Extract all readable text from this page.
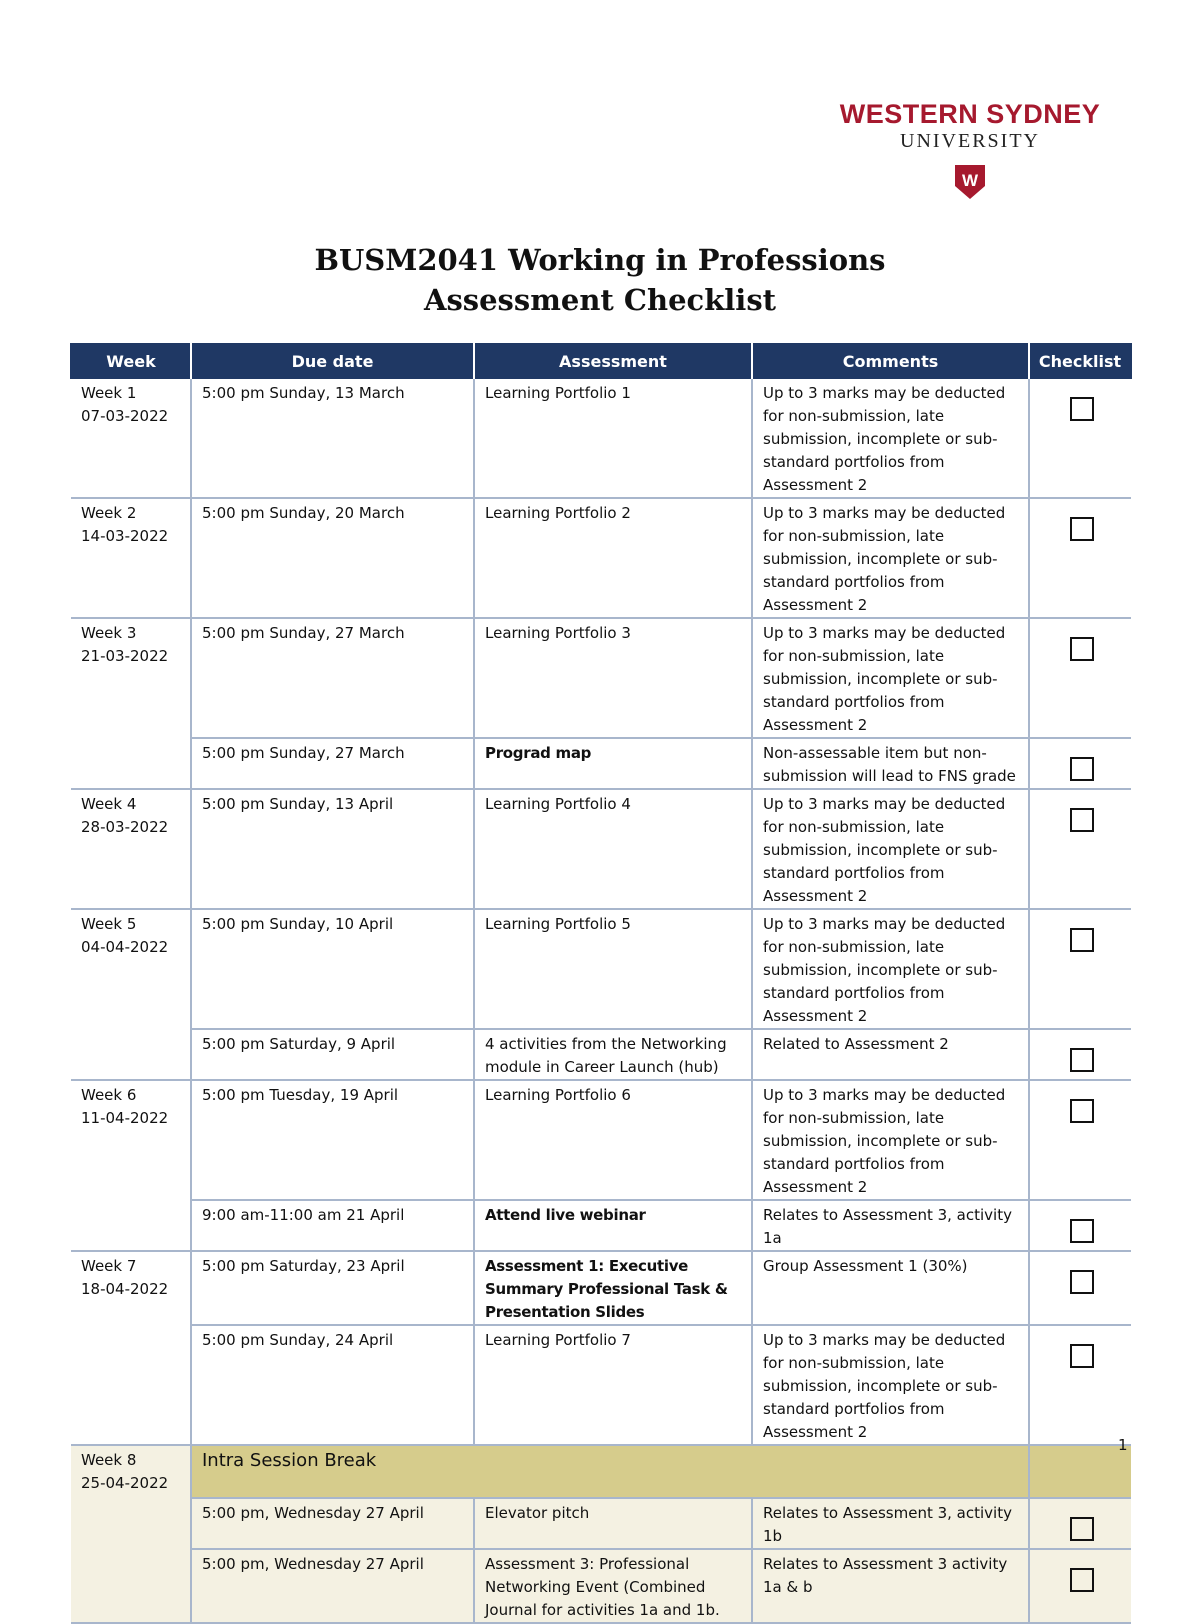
WESTERN SYDNEY
UNIVERSITY
W
BUSM2041 Working in Professions
Assessment Checklist
Week	Due date	Assessment	Comments	Checklist

Week 1
07-03-2022	5:00 pm Sunday, 13 March	Learning Portfolio 1	Up to 3 marks may be deducted for non-submission, late submission, incomplete or sub-standard portfolios from Assessment 2	

Week 2
14-03-2022	5:00 pm Sunday, 20 March	Learning Portfolio 2	Up to 3 marks may be deducted for non-submission, late submission, incomplete or sub-standard portfolios from Assessment 2	

Week 3
21-03-2022	5:00 pm Sunday, 27 March	Learning Portfolio 3	Up to 3 marks may be deducted for non-submission, late submission, incomplete or sub-standard portfolios from Assessment 2	

	5:00 pm Sunday, 27 March	Prograd map	Non-assessable item but non-submission will lead to FNS grade	

Week 4
28-03-2022	5:00 pm Sunday, 13 April	Learning Portfolio 4	Up to 3 marks may be deducted for non-submission, late submission, incomplete or sub-standard portfolios from Assessment 2	

Week 5
04-04-2022	5:00 pm Sunday, 10 April	Learning Portfolio 5	Up to 3 marks may be deducted for non-submission, late submission, incomplete or sub-standard portfolios from Assessment 2	

	5:00 pm Saturday, 9 April	4 activities from the Networking module in Career Launch (hub)	Related to Assessment 2	

Week 6
11-04-2022	5:00 pm Tuesday, 19 April	Learning Portfolio 6	Up to 3 marks may be deducted for non-submission, late submission, incomplete or sub-standard portfolios from Assessment 2	

	9:00 am-11:00 am 21 April	Attend live webinar	Relates to Assessment 3, activity 1a	

Week 7
18-04-2022	5:00 pm Saturday, 23 April	Assessment 1: Executive Summary Professional Task & Presentation Slides	Group Assessment 1 (30%)	

	5:00 pm Sunday, 24 April	Learning Portfolio 7	Up to 3 marks may be deducted for non-submission, late submission, incomplete or sub-standard portfolios from Assessment 2	

Week 8
25-04-2022	Intra Session Break			
	5:00 pm, Wednesday 27 April	Elevator pitch	Relates to Assessment 3, activity 1b	

	5:00 pm, Wednesday 27 April	Assessment 3: Professional Networking Event (Combined Journal for activities 1a and 1b.	Relates to Assessment 3 activity 1a & b	
1
